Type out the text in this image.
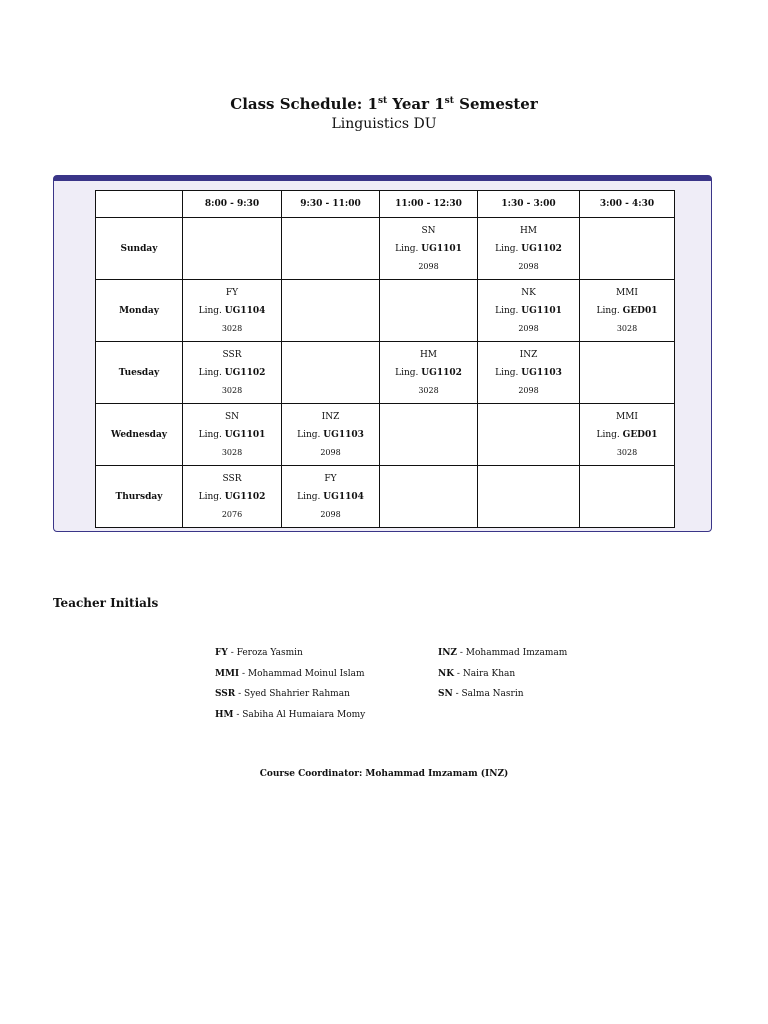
Class Schedule: 1st Year 1st Semester
Linguistics DU
	8:00 - 9:30	9:30 - 11:00	11:00 - 12:30	1:30 - 3:00	3:00 - 4:30
Sunday			SN
Ling. UG1101
2098	HM
Ling. UG1102
2098	

Monday	FY
Ling. UG1104
3028			NK
Ling. UG1101
2098	MMI
Ling. GED01
3028

Tuesday	SSR
Ling. UG1102
3028		HM
Ling. UG1102
3028	INZ
Ling. UG1103
2098	

Wednesday	SN
Ling. UG1101
3028	INZ
Ling. UG1103
2098			MMI
Ling. GED01
3028

Thursday	SSR
Ling. UG1102
2076	FY
Ling. UG1104
2098			

Teacher Initials
FY - Feroza Yasmin
MMI - Mohammad Moinul Islam
SSR - Syed Shahrier Rahman
HM - Sabiha Al Humaiara Momy
INZ - Mohammad Imzamam
NK - Naira Khan
SN - Salma Nasrin
Course Coordinator: Mohammad Imzamam (INZ)
